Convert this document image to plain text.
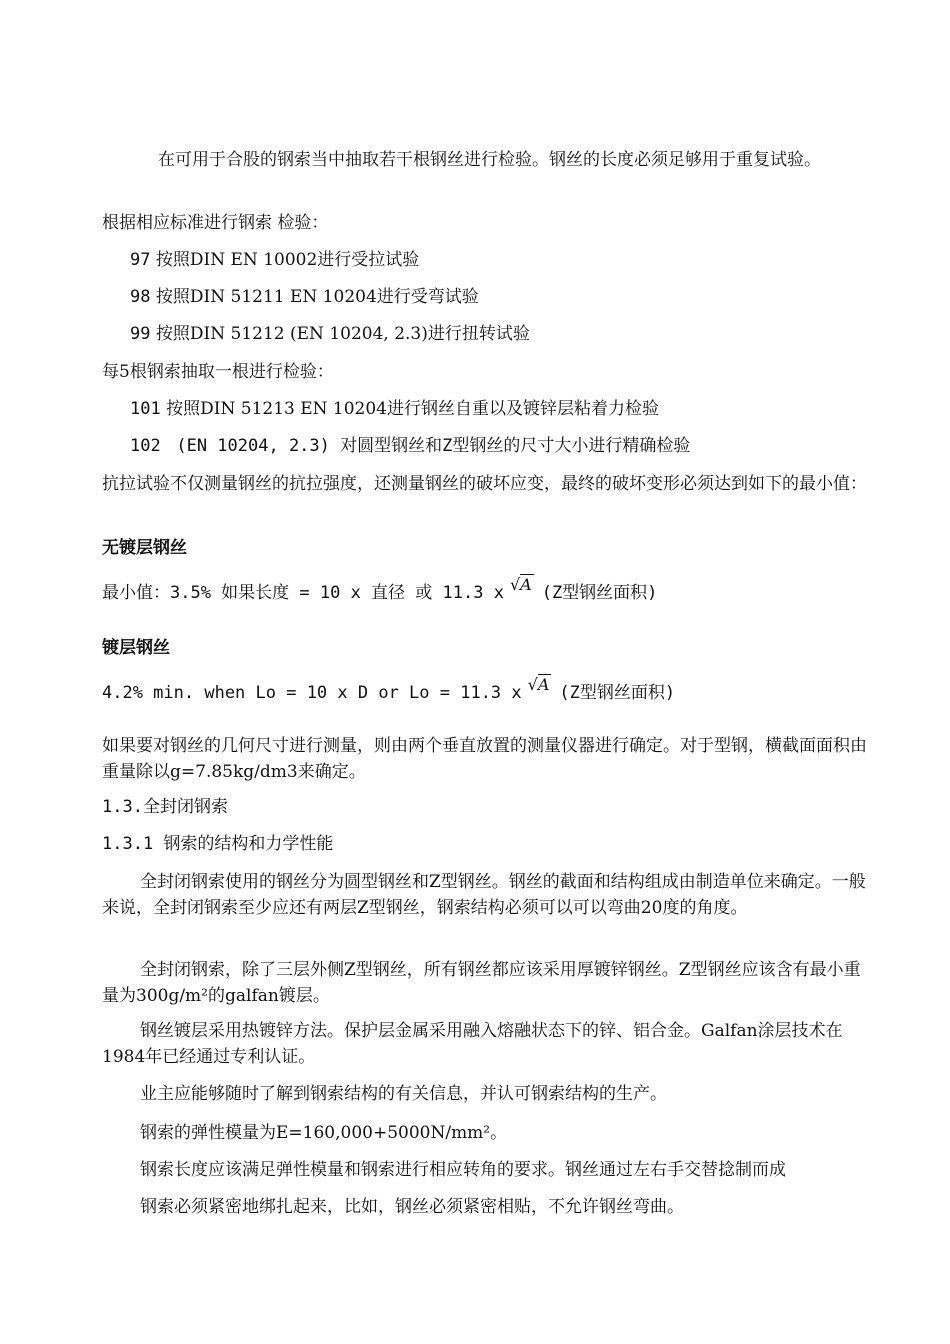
在可用于合股的钢索当中抽取若干根钢丝进行检验。钢丝的长度必须足够用于重复试验。
根据相应标准进行钢索 检验：
97 按照DIN EN 10002进行受拉试验
98 按照DIN 51211 EN 10204进行受弯试验
99 按照DIN 51212 (EN 10204, 2.3)进行扭转试验
每5根钢索抽取一根进行检验：
101 按照DIN 51213 EN 10204进行钢丝自重以及镀锌层粘着力检验
102  (EN 10204, 2.3) 对圆型钢丝和Z型钢丝的尺寸大小进行精确检验
抗拉试验不仅测量钢丝的抗拉强度，还测量钢丝的破坏应变，最终的破坏变形必须达到如下的最小值：
无镀层钢丝
最小值：3.5% 如果长度 = 10 x 直径 或 11.3 x √A (Z型钢丝面积)
镀层钢丝
4.2% min. when Lo = 10 x D or Lo = 11.3 x √A (Z型钢丝面积)
如果要对钢丝的几何尺寸进行测量，则由两个垂直放置的测量仪器进行确定。对于型钢，横截面面积由重量除以g=7.85kg/dm3来确定。
1.3.全封闭钢索
1.3.1 钢索的结构和力学性能
全封闭钢索使用的钢丝分为圆型钢丝和Z型钢丝。钢丝的截面和结构组成由制造单位来确定。一般来说，全封闭钢索至少应还有两层Z型钢丝，钢索结构必须可以可以弯曲20度的角度。
全封闭钢索，除了三层外侧Z型钢丝，所有钢丝都应该采用厚镀锌钢丝。Z型钢丝应该含有最小重量为300g/m²的galfan镀层。
钢丝镀层采用热镀锌方法。保护层金属采用融入熔融状态下的锌、铝合金。Galfan涂层技术在1984年已经通过专利认证。
业主应能够随时了解到钢索结构的有关信息，并认可钢索结构的生产。
钢索的弹性模量为E=160,000+5000N/mm²。
钢索长度应该满足弹性模量和钢索进行相应转角的要求。钢丝通过左右手交替捻制而成
钢索必须紧密地绑扎起来，比如，钢丝必须紧密相贴，不允许钢丝弯曲。
